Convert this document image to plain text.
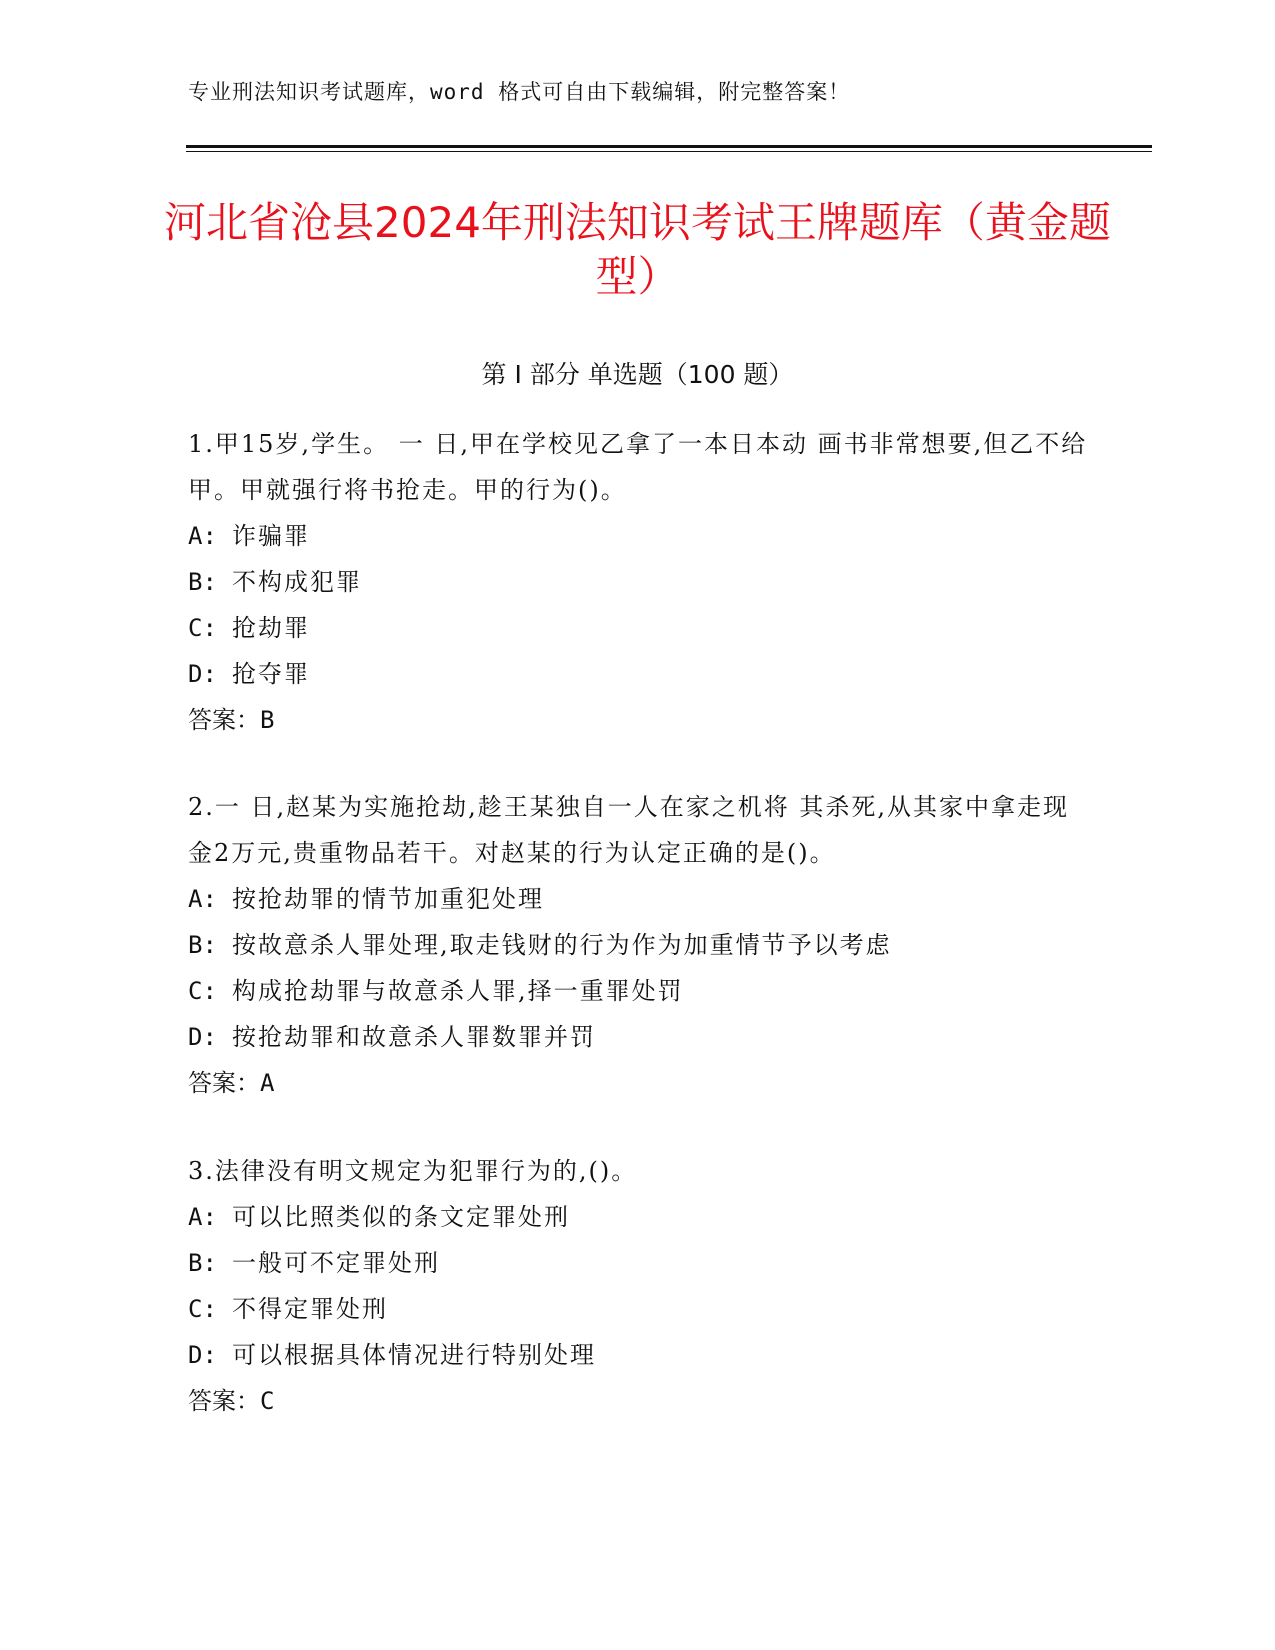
专业刑法知识考试题库，word 格式可自由下载编辑，附完整答案！
河北省沧县2024年刑法知识考试王牌题库（黄金题型）
第 I 部分 单选题（100 题）

1.甲15岁,学生。 一 日,甲在学校见乙拿了一本日本动 画书非常想要,但乙不给甲。甲就强行将书抢走。甲的行为()。

A: 诈骗罪

B: 不构成犯罪

C: 抢劫罪

D: 抢夺罪

答案：B

2.一 日,赵某为实施抢劫,趁王某独自一人在家之机将 其杀死,从其家中拿走现金2万元,贵重物品若干。对赵某的行为认定正确的是()。

A: 按抢劫罪的情节加重犯处理

B: 按故意杀人罪处理,取走钱财的行为作为加重情节予以考虑

C: 构成抢劫罪与故意杀人罪,择一重罪处罚

D: 按抢劫罪和故意杀人罪数罪并罚

答案：A

3.法律没有明文规定为犯罪行为的,()。

A: 可以比照类似的条文定罪处刑

B: 一般可不定罪处刑

C: 不得定罪处刑

D: 可以根据具体情况进行特别处理

答案：C
